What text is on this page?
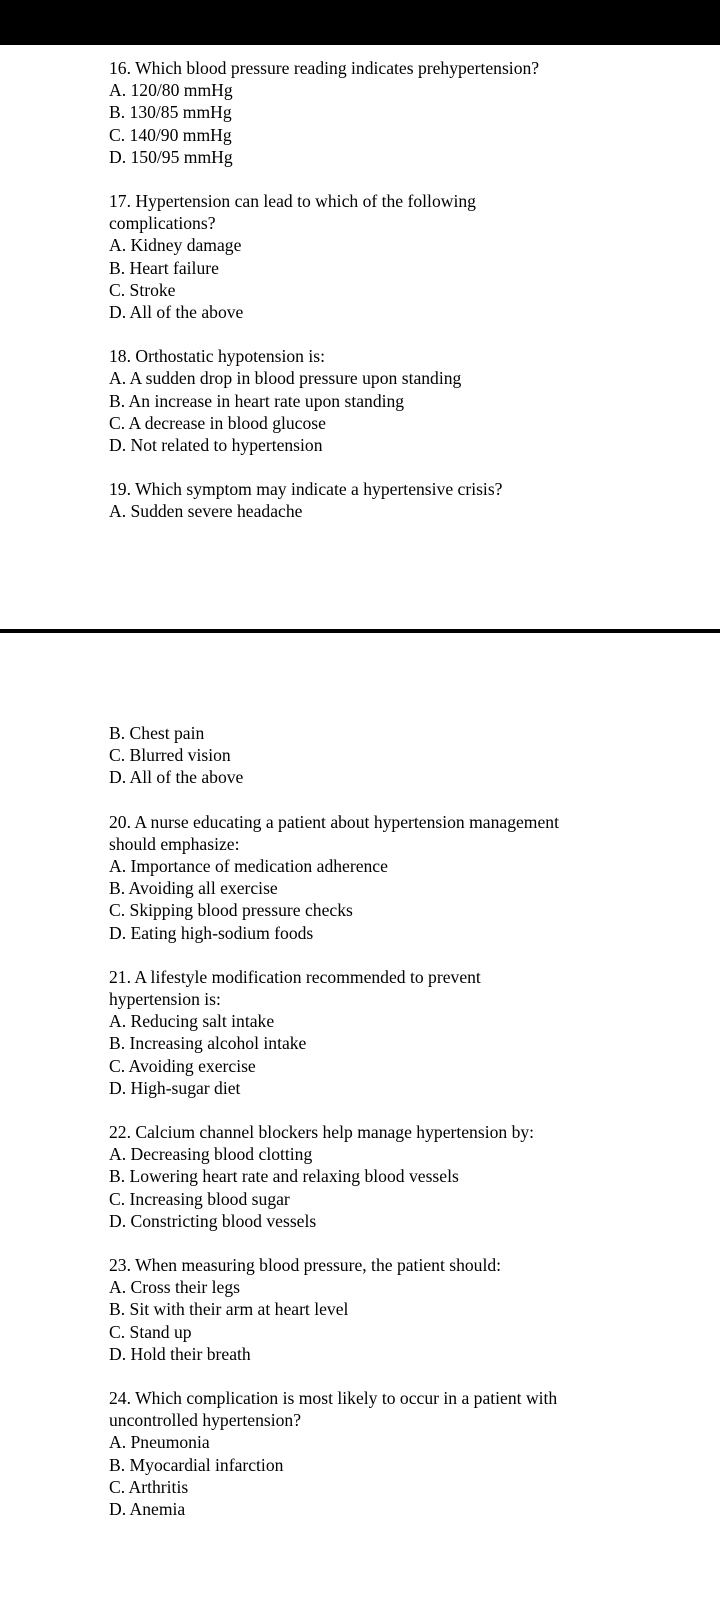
16. Which blood pressure reading indicates prehypertension?
A. 120/80 mmHg
B. 130/85 mmHg
C. 140/90 mmHg
D. 150/95 mmHg
17. Hypertension can lead to which of the following
complications?
A. Kidney damage
B. Heart failure
C. Stroke
D. All of the above
18. Orthostatic hypotension is:
A. A sudden drop in blood pressure upon standing
B. An increase in heart rate upon standing
C. A decrease in blood glucose
D. Not related to hypertension
19. Which symptom may indicate a hypertensive crisis?
A. Sudden severe headache
B. Chest pain
C. Blurred vision
D. All of the above
20. A nurse educating a patient about hypertension management
should emphasize:
A. Importance of medication adherence
B. Avoiding all exercise
C. Skipping blood pressure checks
D. Eating high-sodium foods
21. A lifestyle modification recommended to prevent
hypertension is:
A. Reducing salt intake
B. Increasing alcohol intake
C. Avoiding exercise
D. High-sugar diet
22. Calcium channel blockers help manage hypertension by:
A. Decreasing blood clotting
B. Lowering heart rate and relaxing blood vessels
C. Increasing blood sugar
D. Constricting blood vessels
23. When measuring blood pressure, the patient should:
A. Cross their legs
B. Sit with their arm at heart level
C. Stand up
D. Hold their breath
24. Which complication is most likely to occur in a patient with
uncontrolled hypertension?
A. Pneumonia
B. Myocardial infarction
C. Arthritis
D. Anemia
